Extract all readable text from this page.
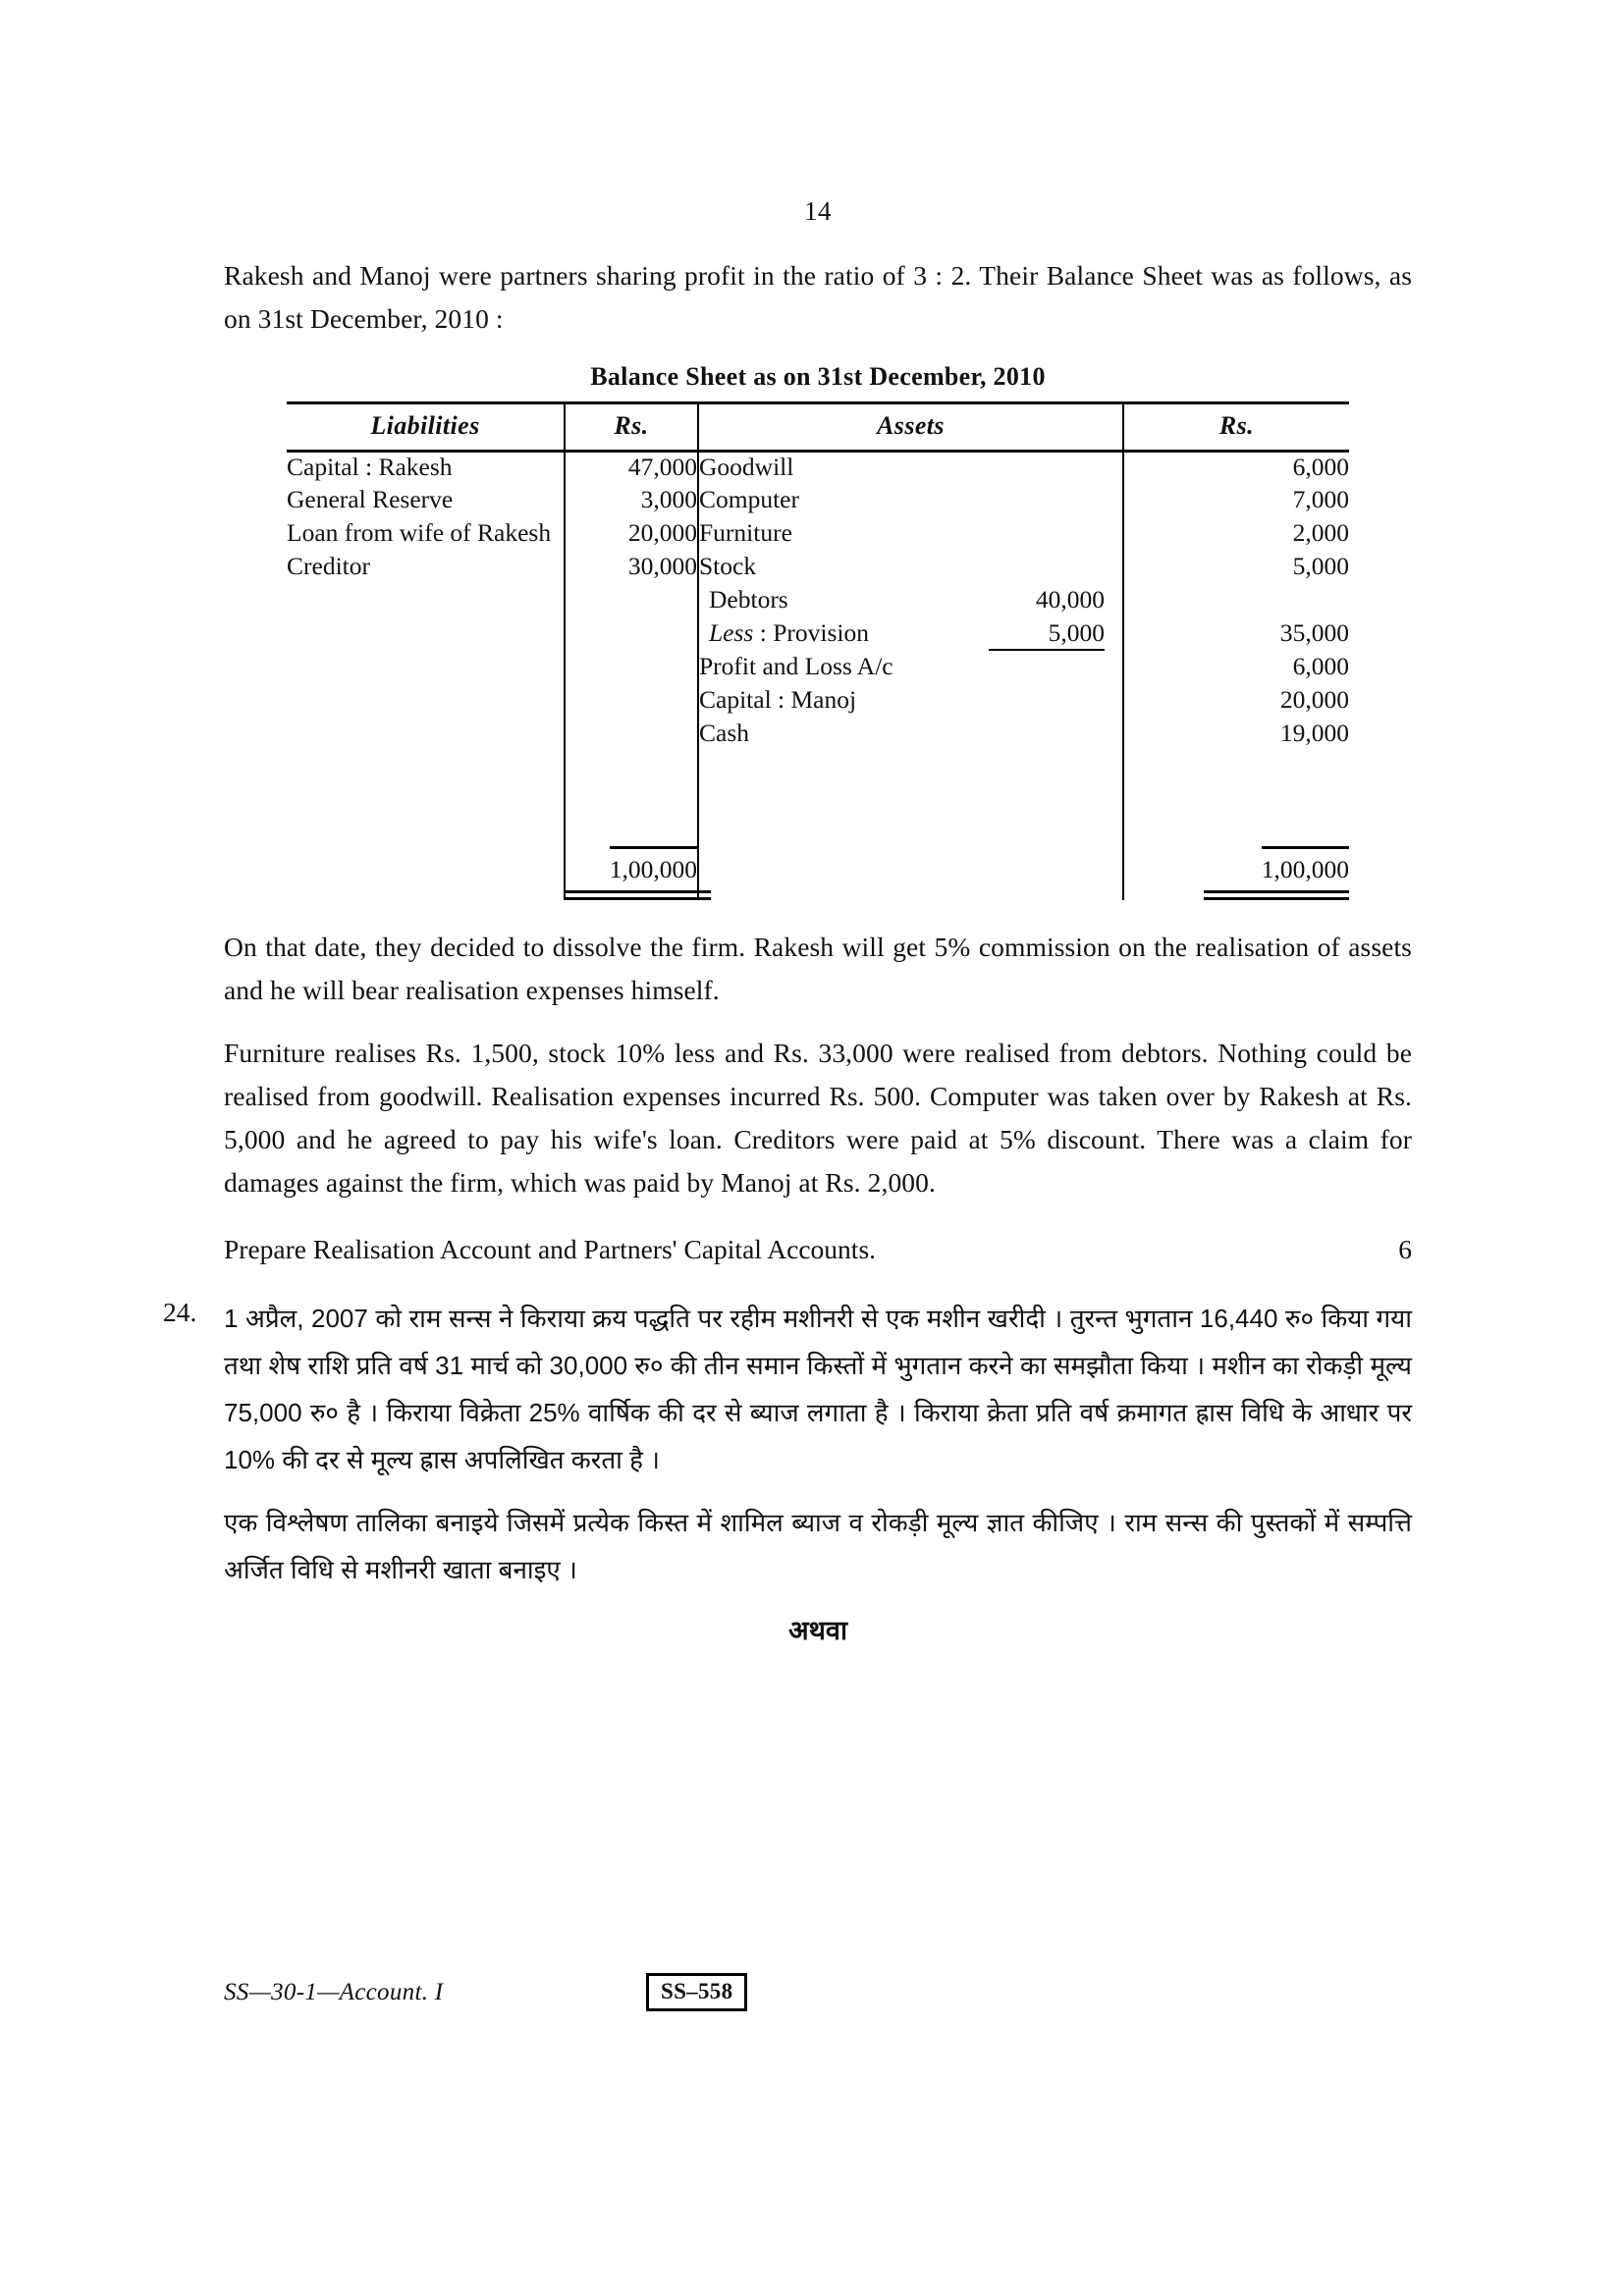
14

Rakesh and Manoj were partners sharing profit in the ratio of 3 : 2. Their Balance Sheet was as follows, as on 31st December, 2010 :

Balance Sheet as on 31st December, 2010
Liabilities	Rs.	Assets	Rs.
Capital : Rakesh	47,000	Goodwill	6,000
General Reserve	3,000	Computer	7,000
Loan from wife of Rakesh	20,000	Furniture	2,000
Creditor	30,000	Stock	5,000

		Debtors 40,000	

		Less : Provision 5,000	35,000
		Profit and Loss A/c	6,000
		Capital : Manoj	20,000
		Cash	19,000

	1,00,000		1,00,000

On that date, they decided to dissolve the firm. Rakesh will get 5% commission on the realisation of assets and he will bear realisation expenses himself.

Furniture realises Rs. 1,500, stock 10% less and Rs. 33,000 were realised from debtors. Nothing could be realised from goodwill. Realisation expenses incurred Rs. 500. Computer was taken over by Rakesh at Rs. 5,000 and he agreed to pay his wife's loan. Creditors were paid at 5% discount. There was a claim for damages against the firm, which was paid by Manoj at Rs. 2,000.

Prepare Realisation Account and Partners' Capital Accounts.	6
24.	1 अप्रैल, 2007 को राम सन्स ने किराया क्रय पद्धति पर रहीम मशीनरी से एक मशीन खरीदी । तुरन्त भुगतान 16,440 रु० किया गया तथा शेष राशि प्रति वर्ष 31 मार्च को 30,000 रु० की तीन समान किस्तों में भुगतान करने का समझौता किया । मशीन का रोकड़ी मूल्य 75,000 रु० है । किराया विक्रेता 25% वार्षिक की दर से ब्याज लगाता है । किराया क्रेता प्रति वर्ष क्रमागत ह्रास विधि के आधार पर 10% की दर से मूल्य ह्रास अपलिखित करता है ।

एक विश्लेषण तालिका बनाइये जिसमें प्रत्येक किस्त में शामिल ब्याज व रोकड़ी मूल्य ज्ञात कीजिए । राम सन्स की पुस्तकों में सम्पत्ति अर्जित विधि से मशीनरी खाता बनाइए ।

अथवा
SS—30-1—Account. I	SS–558
